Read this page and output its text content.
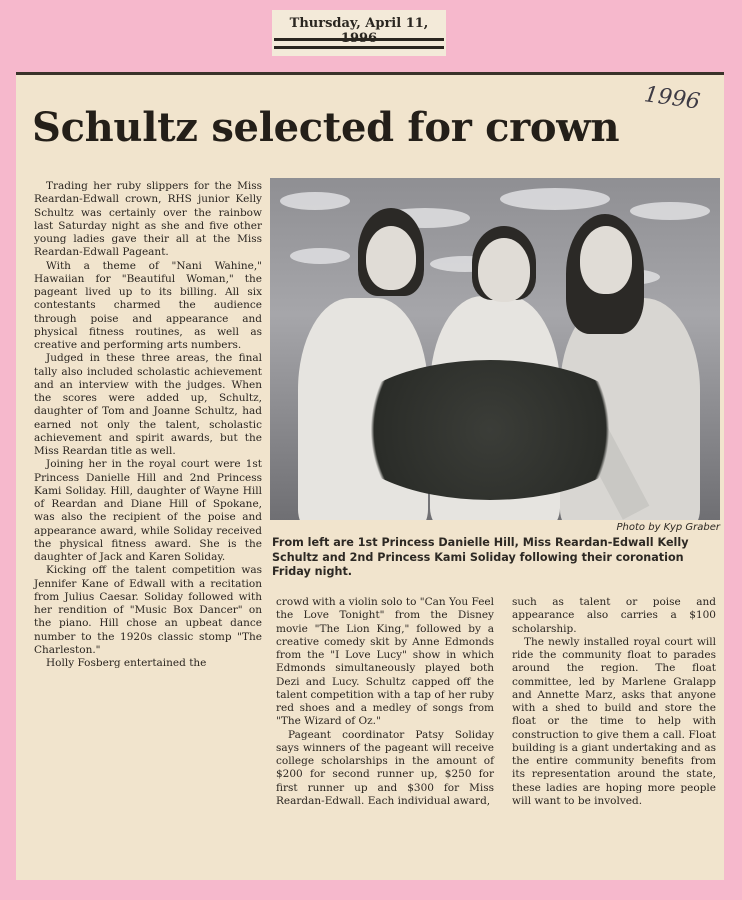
Thursday, April 11,
1996
Schultz selected for crown

Trading her ruby slippers for the Miss Reardan-Edwall crown, RHS junior Kelly Schultz was certainly over the rainbow last Saturday night as she and five other young ladies gave their all at the Miss Reardan-Edwall Pageant.

With a theme of "Nani Wahine," Hawaiian for "Beautiful Woman," the pageant lived up to its billing. All six contestants charmed the audience through poise and appearance and physical fitness routines, as well as creative and performing arts numbers.

Judged in these three areas, the final tally also included scholastic achievement and an interview with the judges. When the scores were added up, Schultz, daughter of Tom and Joanne Schultz, had earned not only the talent, scholastic achievement and spirit awards, but the Miss Reardan title as well.

Joining her in the royal court were 1st Princess Danielle Hill and 2nd Princess Kami Soliday. Hill, daughter of Wayne Hill of Reardan and Diane Hill of Spokane, was also the recipient of the poise and appearance award, while Soliday received the physical fitness award. She is the daughter of Jack and Karen Soliday.

Kicking off the talent competition was Jennifer Kane of Edwall with a recitation from Julius Caesar. Soliday followed with her rendition of "Music Box Dancer" on the piano. Hill chose an upbeat dance number to the 1920s classic stomp "The Charleston."

Holly Fosberg entertained the

Photo by Kyp Graber
From left are 1st Princess Danielle Hill, Miss Reardan-Edwall Kelly Schultz and 2nd Princess Kami Soliday following their coronation Friday night.

crowd with a violin solo to "Can You Feel the Love Tonight" from the Disney movie "The Lion King," followed by a creative comedy skit by Anne Edmonds from the "I Love Lucy" show in which Edmonds simultaneously played both Dezi and Lucy. Schultz capped off the talent competition with a tap of her ruby red shoes and a medley of songs from "The Wizard of Oz."

Pageant coordinator Patsy Soliday says winners of the pageant will receive college scholarships in the amount of $200 for second runner up, $250 for first runner up and $300 for Miss Reardan-Edwall. Each individual award,

such as talent or poise and appearance also carries a $100 scholarship.

The newly installed royal court will ride the community float to parades around the region. The float committee, led by Marlene Gralapp and Annette Marz, asks that anyone with a shed to build and store the float or the time to help with construction to give them a call. Float building is a giant undertaking and as the entire community benefits from its representation around the state, these ladies are hoping more people will want to be involved.
